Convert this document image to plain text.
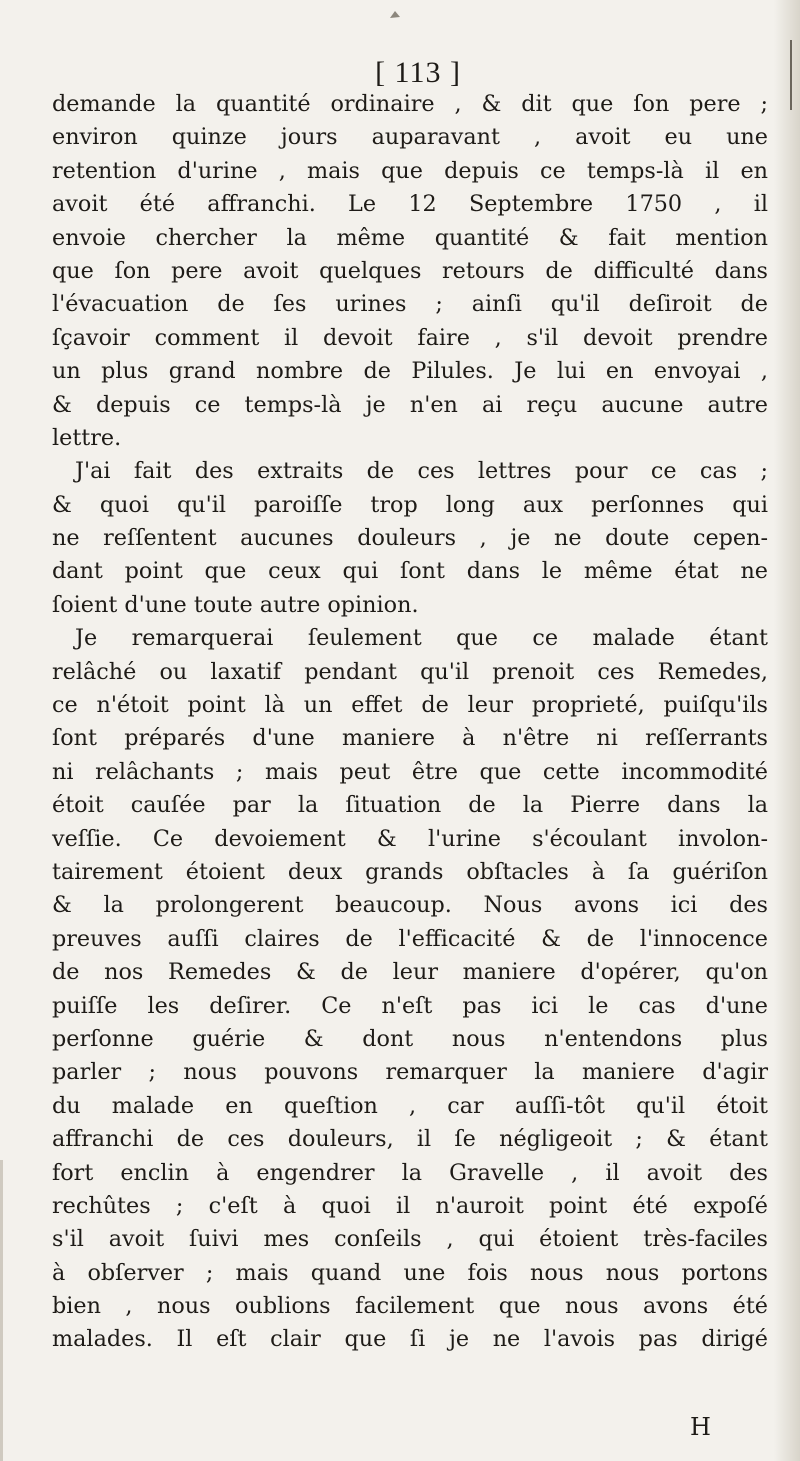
[ 113 ]
demande la quantité ordinaire , & dit que ſon pere ;
environ quinze jours auparavant , avoit eu une
retention d'urine , mais que depuis ce temps-là il en
avoit été affranchi. Le 12 Septembre 1750 , il
envoie chercher la même quantité & fait mention
que ſon pere avoit quelques retours de difficulté dans
l'évacuation de ſes urines ; ainſi qu'il deſiroit de
ſçavoir comment il devoit faire , s'il devoit prendre
un plus grand nombre de Pilules. Je lui en envoyai ,
& depuis ce temps-là je n'en ai reçu aucune autre
lettre.
J'ai fait des extraits de ces lettres pour ce cas ;
& quoi qu'il paroiſſe trop long aux perſonnes qui
ne reſſentent aucunes douleurs , je ne doute cepen-
dant point que ceux qui ſont dans le même état ne
ſoient d'une toute autre opinion.
Je remarquerai ſeulement que ce malade étant
relâché ou laxatif pendant qu'il prenoit ces Remedes,
ce n'étoit point là un effet de leur proprieté, puiſqu'ils
ſont préparés d'une maniere à n'être ni reſſerrants
ni relâchants ; mais peut être que cette incommodité
étoit cauſée par la ſituation de la Pierre dans la
veſſie. Ce devoiement & l'urine s'écoulant involon-
tairement étoient deux grands obſtacles à ſa guériſon
& la prolongerent beaucoup. Nous avons ici des
preuves auſſi claires de l'efficacité & de l'innocence
de nos Remedes & de leur maniere d'opérer, qu'on
puiſſe les deſirer. Ce n'eſt pas ici le cas d'une
perſonne guérie & dont nous n'entendons plus
parler ; nous pouvons remarquer la maniere d'agir
du malade en queſtion , car auſſi-tôt qu'il étoit
affranchi de ces douleurs, il ſe négligeoit ; & étant
fort enclin à engendrer la Gravelle , il avoit des
rechûtes ; c'eſt à quoi il n'auroit point été expoſé
s'il avoit ſuivi mes conſeils , qui étoient très-faciles
à obſerver ; mais quand une fois nous nous portons
bien , nous oublions facilement que nous avons été
malades. Il eſt clair que ſi je ne l'avois pas dirigé
H
